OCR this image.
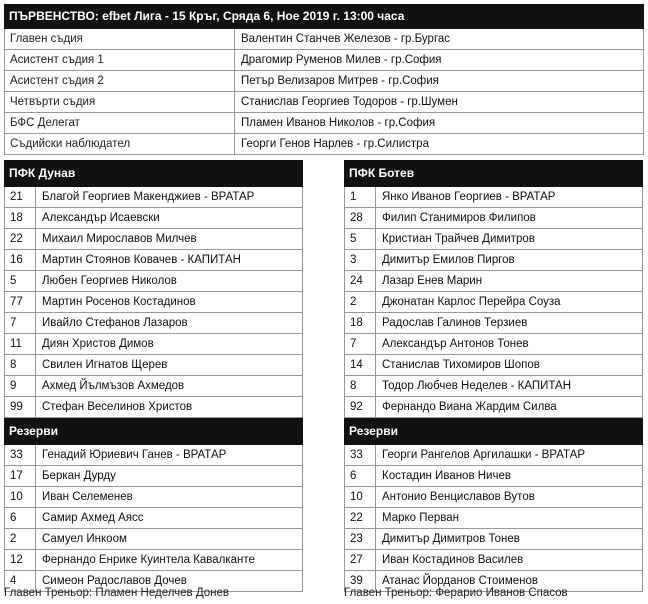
ПЪРВЕНСТВО: efbet Лига - 15 Кръг, Сряда 6, Ное 2019 г. 13:00 часа
Главен съдия	Валентин Станчев Железов - гр.Бургас
Асистент съдия 1	Драгомир Руменов Милев - гр.София
Асистент съдия 2	Петър Велизаров Митрев - гр.София
Четвърти съдия	Станислав Георгиев Тодоров - гр.Шумен
БФС Делегат	Пламен Иванов Николов - гр.София
Съдийски наблюдател	Георги Генов Нарлев - гр.Силистра
ПФК Дунав
21	Благой Георгиев Макенджиев - ВРАТАР
18	Александър Исаевски
22	Михаил Мирославов Милчев
16	Мартин Стоянов Ковачев - КАПИТАН
5	Любен Георгиев Николов
77	Мартин Росенов Костадинов
7	Ивайло Стефанов Лазаров
11	Диян Христов Димов
8	Свилен Игнатов Щерев
9	Ахмед Йълмъзов Ахмедов
99	Стефан Веселинов Христов
Резерви
33	Генадий Юриевич Ганев - ВРАТАР
17	Беркан Дурду
10	Иван Селеменев
6	Самир Ахмед Аяcс
2	Самуел Инкоом
12	Фернандо Енрике Куинтела Кавалканте
4	Симеон Радославов Дочев
ПФК Ботев
1	Янко Иванов Георгиев - ВРАТАР
28	Филип Станимиров Филипов
5	Кристиан Трайчев Димитров
3	Димитър Емилов Пиргов
24	Лазар Енев Марин
2	Джонатан Карлос Перейра Соуза
18	Радослав Галинов Терзиев
7	Александър Антонов Тонев
14	Станислав Тихомиров Шопов
8	Тодор Любчев Неделев - КАПИТАН
92	Фернандо Виана Жардим Силва
Резерви
33	Георги Рангелов Аргилашки - ВРАТАР
6	Костадин Иванов Ничев
10	Антонио Венциславов Вутов
22	Марко Перван
23	Димитър Димитров Тонев
27	Иван Костадинов Василев
39	Атанас Йорданов Стоименов
Главен Треньор: Пламен Неделчев Донев	Главен Треньор: Ферарио Иванов Спасов
